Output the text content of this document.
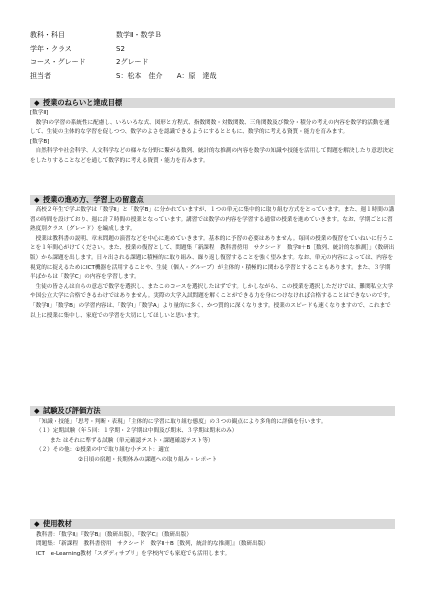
教科・科目	数学Ⅱ・数学Ｂ
学年・クラス	S2
コース・グレード	2グレード
担当者	S：松本　佳介 A：原　達哉
◆ 授業のねらいと達成目標

[数学Ⅱ]

数学Ⅰの学習の系統性に配慮し、いろいろな式、図形と方程式、指数関数・対数関数、三角関数及び微分・積分の考えの内容を数学的活動を通して、生徒の主体的な学習を促しつつ、数学のよさを認識できるようにするとともに、数学的に考える資質・能力を育みます。

[数学B]

自然科学や社会科学、人文科学などの様々な分野に繋がる数列、統計的な推測の内容を数学の知識や技能を活用して問題を解決したり意思決定をしたりすることなどを通して数学的に考える資質・能力を育みます。

◆ 授業の進め方、学習上の留意点

高校２年生で学ぶ数学は「数学Ⅱ」と「数学B」に分かれていますが、１つの単元に集中的に取り組む方式をとっています。また、週１時間の講習の時間を設けており、週に計７時間の授業となっています。講習では数学の内容を学習する通常の授業を進めていきます。なお、学期ごとに習熟度別クラス（グレード）を編成します。

授業は教科書の説明、章末問題の演習などを中心に進めていきます。基本的に予習の必要はありません。毎回の授業の復習をていねいに行うことを１年間心がけてください。また、授業の復習として、問題集「新課程　教科書傍用　サクシード　数学Ⅱ＋B［数列、統計的な推測］」（数研出版）から課題を出します。日々出される課題に積極的に取り組み、繰り返し復習することを強く望みます。なお、単元の内容によっては、内容を視覚的に捉えるためにICT機器を活用することや、生徒（個人・グループ）が主体的・積極的に関わる学習とすることもあります。また、３学期半ばからは「数学C」の内容を学習します。

生徒の皆さんは自らの意志で数学を選択し、またこのコースを選択したはずです。しかしながら、この授業を選択しただけでは、難関私立大学や国公立大学に合格できるわけではありません。実際の大学入試問題を解くことができる力を身につけなければ合格することはできないのです。「数学Ⅱ」「数学B」の学習内容は、「数学Ⅰ」「数学A」より量的に多く、かつ質的に深くなります。授業のスピードも速くなりますので、これまで以上に授業に集中し、家庭での学習を大切にしてほしいと思います。

◆ 試験及び評価方法

「知識・技能」「思考・判断・表現」「主体的に学習に取り組む態度」の３つの観点により多角的に評価を行います。

（１）定期試験（年５回：１学期・２学期は中間及び期末、３学期は期末のみ）

また はそれに準ずる試験（単元確認テスト・課題確認テスト等）

（２）その他：①授業の中で取り組む小テスト：適宜

②日頃の宿題・長期休みの課題への取り組み・レポート

◆ 使用教材

教科書：『数学Ⅱ』『数学B』（数研出版），『数学C』（数研出版）

問題集：『新課程　教科書傍用　サクシード　数学Ⅱ＋B［数列，統計的な推測］』（数研出版）

ICT　e-Learning教材「スダディサプリ」を学校内でも家庭でも活用します。
